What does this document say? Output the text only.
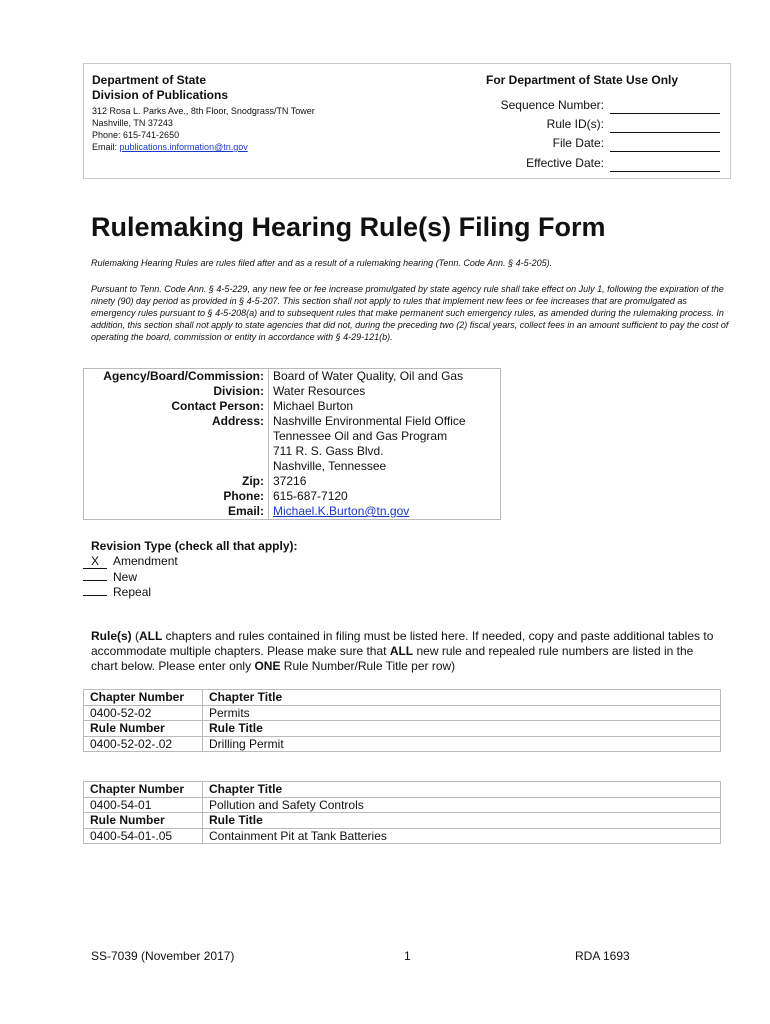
Department of State
Division of Publications
312 Rosa L. Parks Ave., 8th Floor, Snodgrass/TN Tower
Nashville, TN 37243
Phone: 615-741-2650
Email: publications.information@tn.gov
For Department of State Use Only
Sequence Number:
Rule ID(s):
File Date:
Effective Date:
Rulemaking Hearing Rule(s) Filing Form
Rulemaking Hearing Rules are rules filed after and as a result of a rulemaking hearing (Tenn. Code Ann. § 4-5-205).
Pursuant to Tenn. Code Ann. § 4-5-229, any new fee or fee increase promulgated by state agency rule shall take effect on July 1, following the expiration of the ninety (90) day period as provided in § 4-5-207. This section shall not apply to rules that implement new fees or fee increases that are promulgated as emergency rules pursuant to § 4-5-208(a) and to subsequent rules that make permanent such emergency rules, as amended during the rulemaking process. In addition, this section shall not apply to state agencies that did not, during the preceding two (2) fiscal years, collect fees in an amount sufficient to pay the cost of operating the board, commission or entity in accordance with § 4-29-121(b).
Agency/Board/Commission:	Board of Water Quality, Oil and Gas
Division:	Water Resources
Contact Person:	Michael Burton
Address:	Nashville Environmental Field Office
Tennessee Oil and Gas Program
711 R. S. Gass Blvd.
Nashville, Tennessee

Zip:	37216
Phone:	615-687-7120
Email:	Michael.K.Burton@tn.gov
Revision Type (check all that apply):
X Amendment
New
Repeal
Rule(s) (ALL chapters and rules contained in filing must be listed here. If needed, copy and paste additional tables to accommodate multiple chapters. Please make sure that ALL new rule and repealed rule numbers are listed in the chart below. Please enter only ONE Rule Number/Rule Title per row)
Chapter Number	Chapter Title
0400-52-02	Permits
Rule Number	Rule Title
0400-52-02-.02	Drilling Permit
Chapter Number	Chapter Title
0400-54-01	Pollution and Safety Controls
Rule Number	Rule Title
0400-54-01-.05	Containment Pit at Tank Batteries
SS-7039 (November 2017)	1	RDA 1693
